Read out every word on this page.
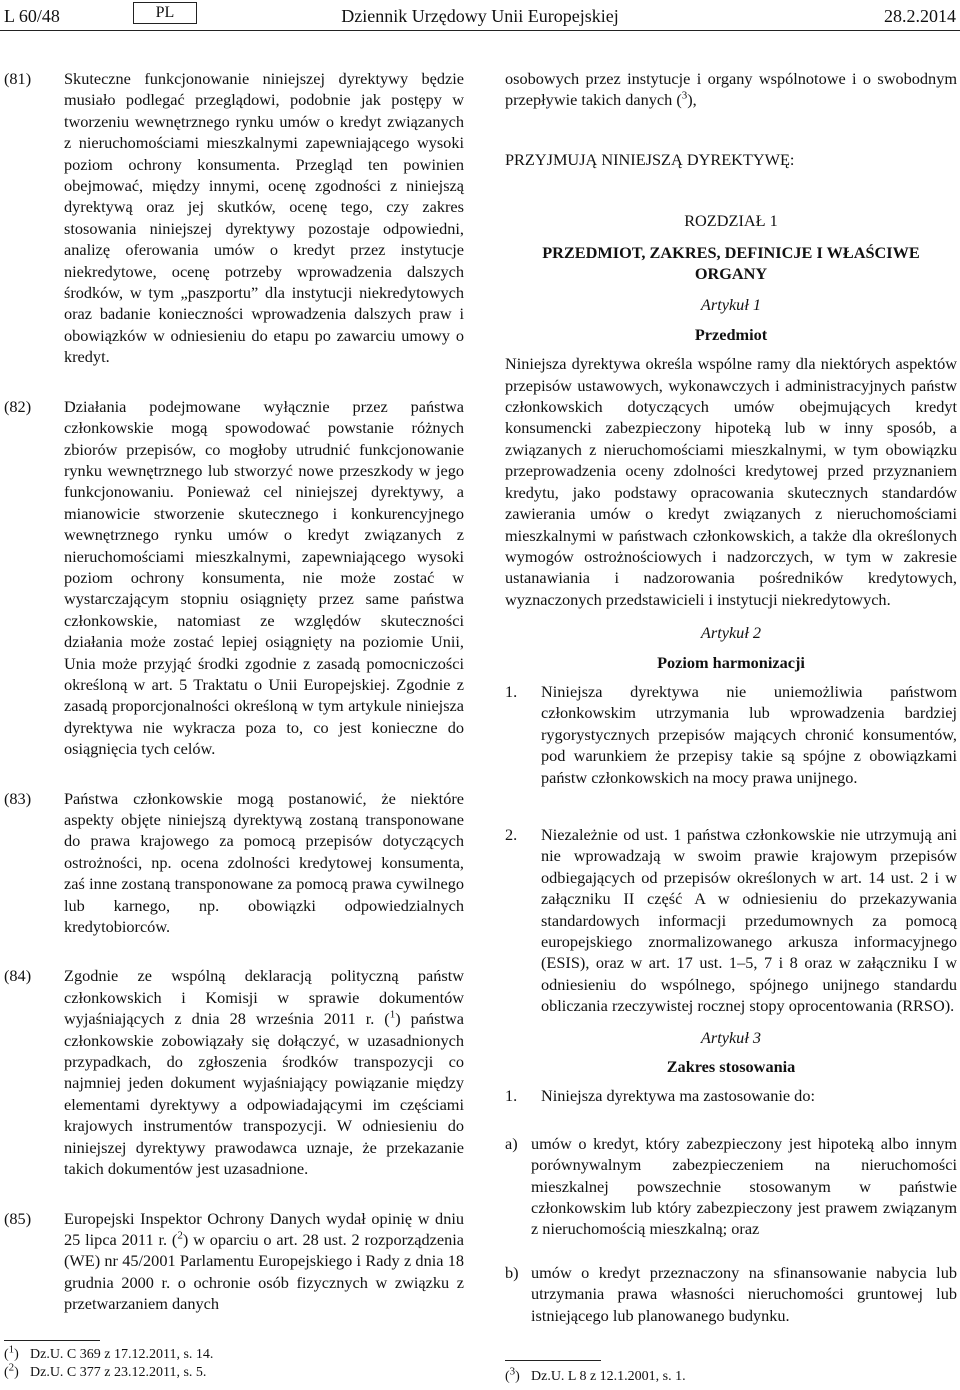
L 60/48	PL	Dziennik Urzędowy Unii Europejskiej	28.2.2014
(81)	Skuteczne funkcjonowanie niniejszej dyrektywy będzie musiało podlegać przeglądowi, podobnie jak postępy w tworzeniu wewnętrznego rynku umów o kredyt związanych z nieruchomościami mieszkalnymi zapewniającego wysoki poziom ochrony konsumenta. Przegląd ten powinien obejmować, między innymi, ocenę zgodności z niniejszą dyrektywą oraz jej skutków, ocenę tego, czy zakres stosowania niniejszej dyrektywy pozostaje odpowiedni, analizę oferowania umów o kredyt przez instytucje niekredytowe, ocenę potrzeby wprowadzenia dalszych środków, w tym „paszportu” dla instytucji niekredytowych oraz badanie konieczności wprowadzenia dalszych praw i obowiązków w odniesieniu do etapu po zawarciu umowy o kredyt.
(82)	Działania podejmowane wyłącznie przez państwa członkowskie mogą spowodować powstanie różnych zbiorów przepisów, co mogłoby utrudnić funkcjonowanie rynku wewnętrznego lub stworzyć nowe przeszkody w jego funkcjonowaniu. Ponieważ cel niniejszej dyrektywy, a mianowicie stworzenie skutecznego i konkurencyjnego wewnętrznego rynku umów o kredyt związanych z nieruchomościami mieszkalnymi, zapewniającego wysoki poziom ochrony konsumenta, nie może zostać w wystarczającym stopniu osiągnięty przez same państwa członkowskie, natomiast ze względów skuteczności działania może zostać lepiej osiągnięty na poziomie Unii, Unia może przyjąć środki zgodnie z zasadą pomocniczości określoną w art. 5 Traktatu o Unii Europejskiej. Zgodnie z zasadą proporcjonalności określoną w tym artykule niniejsza dyrektywa nie wykracza poza to, co jest konieczne do osiągnięcia tych celów.
(83)	Państwa członkowskie mogą postanowić, że niektóre aspekty objęte niniejszą dyrektywą zostaną transponowane do prawa krajowego za pomocą przepisów dotyczących ostrożności, np. ocena zdolności kredytowej konsumenta, zaś inne zostaną transponowane za pomocą prawa cywilnego lub karnego, np. obowiązki odpowiedzialnych kredytobiorców.
(84)	Zgodnie ze wspólną deklaracją polityczną państw członkowskich i Komisji w sprawie dokumentów wyjaśniających z dnia 28 września 2011 r. ($^1$) państwa członkowskie zobowiązały się dołączyć, w uzasadnionych przypadkach, do zgłoszenia środków transpozycji co najmniej jeden dokument wyjaśniający powiązanie między elementami dyrektywy a odpowiadającymi im częściami krajowych instrumentów transpozycji. W odniesieniu do niniejszej dyrektywy prawodawca uznaje, że przekazanie takich dokumentów jest uzasadnione.
(85)	Europejski Inspektor Ochrony Danych wydał opinię w dniu 25 lipca 2011 r. ($^2$) w oparciu o art. 28 ust. 2 rozporządzenia (WE) nr 45/2001 Parlamentu Europejskiego i Rady z dnia 18 grudnia 2000 r. o ochronie osób fizycznych w związku z przetwarzaniem danych
osobowych przez instytucje i organy wspólnotowe i o swobodnym przepływie takich danych ($^3$),
PRZYJMUJĄ NINIEJSZĄ DYREKTYWĘ:
ROZDZIAŁ 1
PRZEDMIOT, ZAKRES, DEFINICJE I WŁAŚCIWE ORGANY
Artykuł 1
Przedmiot
Niniejsza dyrektywa określa wspólne ramy dla niektórych aspektów przepisów ustawowych, wykonawczych i administracyjnych państw członkowskich dotyczących umów obejmujących kredyt konsumencki zabezpieczony hipoteką lub w inny sposób, a związanych z nieruchomościami mieszkalnymi, w tym obowiązku przeprowadzenia oceny zdolności kredytowej przed przyznaniem kredytu, jako podstawy opracowania skutecznych standardów zawierania umów o kredyt związanych z nieruchomościami mieszkalnymi w państwach członkowskich, a także dla określonych wymogów ostrożnościowych i nadzorczych, w tym w zakresie ustanawiania i nadzorowania pośredników kredytowych, wyznaczonych przedstawicieli i instytucji niekredytowych.
Artykuł 2
Poziom harmonizacji
1.	Niniejsza dyrektywa nie uniemożliwia państwom członkowskim utrzymania lub wprowadzenia bardziej rygorystycznych przepisów mających chronić konsumentów, pod warunkiem że przepisy takie są spójne z obowiązkami państw członkowskich na mocy prawa unijnego.
2.	Niezależnie od ust. 1 państwa członkowskie nie utrzymują ani nie wprowadzają w swoim prawie krajowym przepisów odbiegających od przepisów określonych w art. 14 ust. 2 i w załączniku II część A w odniesieniu do przekazywania standardowych informacji przedumownych za pomocą europejskiego znormalizowanego arkusza informacyjnego (ESIS), oraz w art. 17 ust. 1–5, 7 i 8 oraz w załączniku I w odniesieniu do wspólnego, spójnego unijnego standardu obliczania rzeczywistej rocznej stopy oprocentowania (RRSO).
Artykuł 3
Zakres stosowania
1.	Niniejsza dyrektywa ma zastosowanie do:
a) umów o kredyt, który zabezpieczony jest hipoteką albo innym porównywalnym zabezpieczeniem na nieruchomości mieszkalnej powszechnie stosowanym w państwie członkowskim lub który zabezpieczony jest prawem związanym z nieruchomością mieszkalną; oraz
b) umów o kredyt przeznaczony na sfinansowanie nabycia lub utrzymania prawa własności nieruchomości gruntowej lub istniejącego lub planowanego budynku.
($^1$) Dz.U. C 369 z 17.12.2011, s. 14.
($^2$) Dz.U. C 377 z 23.12.2011, s. 5.	($^3$) Dz.U. L 8 z 12.1.2001, s. 1.
